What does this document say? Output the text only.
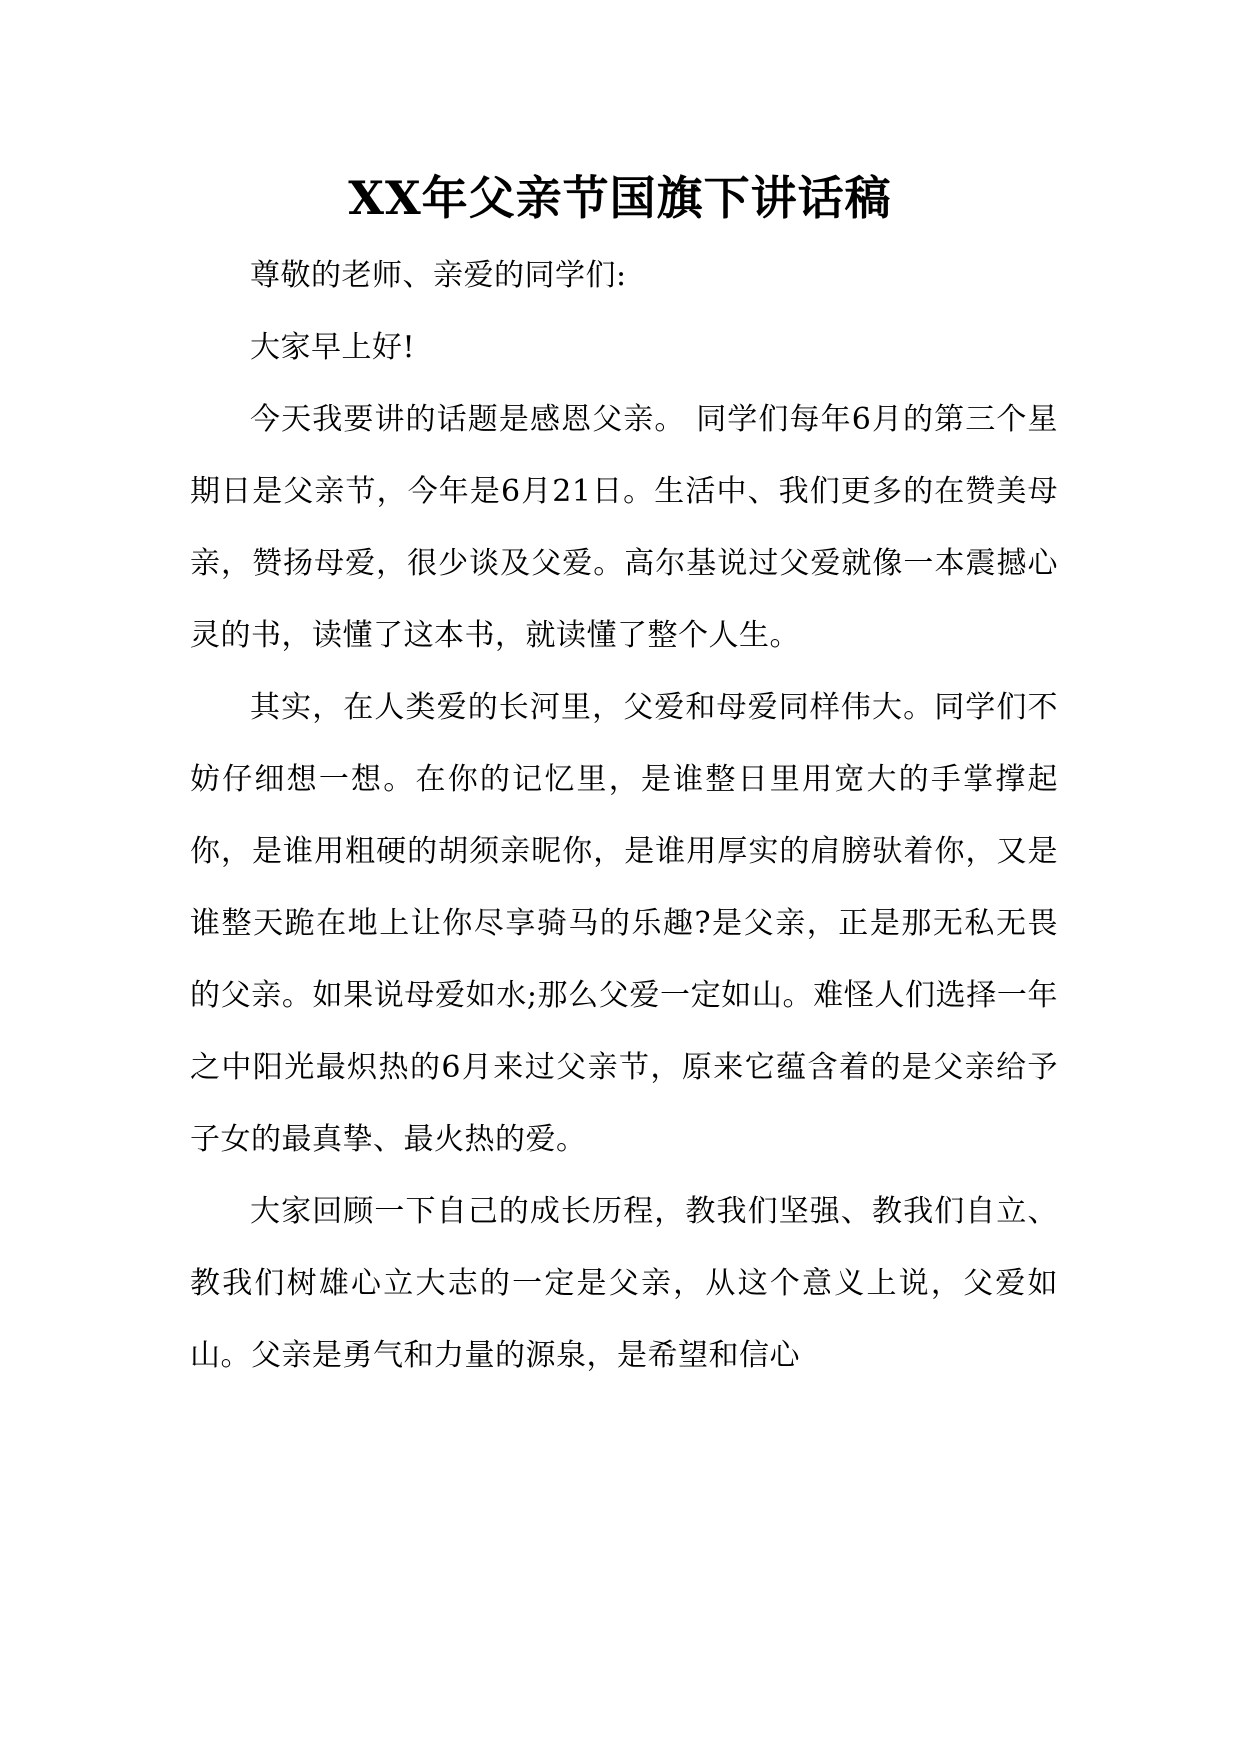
XX年父亲节国旗下讲话稿

尊敬的老师、亲爱的同学们:

大家早上好!

今天我要讲的话题是感恩父亲。 同学们每年6月的第三个星期日是父亲节，今年是6月21日。生活中、我们更多的在赞美母亲，赞扬母爱，很少谈及父爱。高尔基说过父爱就像一本震撼心灵的书，读懂了这本书，就读懂了整个人生。

其实，在人类爱的长河里，父爱和母爱同样伟大。同学们不妨仔细想一想。在你的记忆里，是谁整日里用宽大的手掌撑起你，是谁用粗硬的胡须亲昵你，是谁用厚实的肩膀驮着你，又是谁整天跪在地上让你尽享骑马的乐趣?是父亲，正是那无私无畏的父亲。如果说母爱如水;那么父爱一定如山。难怪人们选择一年之中阳光最炽热的6月来过父亲节，原来它蕴含着的是父亲给予子女的最真挚、最火热的爱。

大家回顾一下自己的成长历程，教我们坚强、教我们自立、教我们树雄心立大志的一定是父亲，从这个意义上说，父爱如山。父亲是勇气和力量的源泉，是希望和信心
